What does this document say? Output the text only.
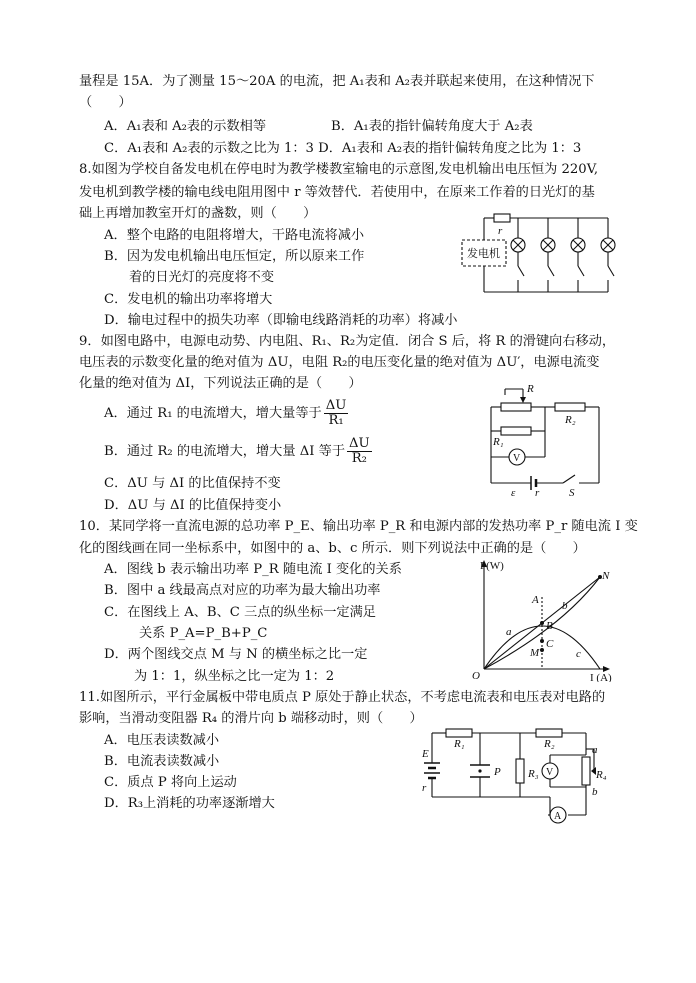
量程是 15A．为了测量 15～20A 的电流，把 A₁表和 A₂表并联起来使用，在这种情况下
（　　）
A．A₁表和 A₂表的示数相等	B．A₁表的指针偏转角度大于 A₂表
C．A₁表和 A₂表的示数之比为 1：3 D．A₁表和 A₂表的指针偏转角度之比为 1：3
8.如图为学校自备发电机在停电时为教学楼教室输电的示意图,发电机输出电压恒为 220V,
发电机到教学楼的输电线电阻用图中 r 等效替代．若使用中，在原来工作着的日光灯的基
础上再增加教室开灯的盏数，则（　　）
A．整个电路的电阻将增大，干路电流将减小
B．因为发电机输出电压恒定，所以原来工作
着的日光灯的亮度将不变
C．发电机的输出功率将增大
D．输电过程中的损失功率（即输电线路消耗的功率）将减小
9．如图电路中，电源电动势、内电阻、R₁、R₂为定值．闭合 S 后，将 R 的滑键向右移动，
电压表的示数变化量的绝对值为 ΔU，电阻 R₂的电压变化量的绝对值为 ΔU′，电源电流变
化量的绝对值为 ΔI，下列说法正确的是（　　）
A．通过 R₁ 的电流增大，增大量等于 $\frac{\Delta U}{\text{R₁}}$
B．通过 R₂ 的电流增大，增大量 ΔI 等于 $\frac{\Delta U}{\text{R₂}}$
C．ΔU 与 ΔI 的比值保持不变
D．ΔU 与 ΔI 的比值保持变小
10．某同学将一直流电源的总功率 P_E、输出功率 P_R 和电源内部的发热功率 P_r 随电流 I 变
化的图线画在同一坐标系中，如图中的 a、b、c 所示．则下列说法中正确的是（　　）
A．图线 b 表示输出功率 P_R 随电流 I 变化的关系
B．图中 a 线最高点对应的功率为最大输出功率
C．在图线上 A、B、C 三点的纵坐标一定满足
关系 P_A=P_B+P_C
D．两个图线交点 M 与 N 的横坐标之比一定
为 1：1，纵坐标之比一定为 1：2
11.如图所示，平行金属板中带电质点 P 原处于静止状态，不考虑电流表和电压表对电路的
影响，当滑动变阻器 R₄ 的滑片向 b 端移动时，则（　　）
A．电压表读数减小
B．电流表读数减小
C．质点 P 将向上运动
D．R₃上消耗的功率逐渐增大
发电机
r
R
R₂
R₁
V
ε r	S
P(W)
I (A)
O
N
A
B
C
M
a
b
c
R₁	R₂
E
r
P R₃ V
a
b
R₄
A
